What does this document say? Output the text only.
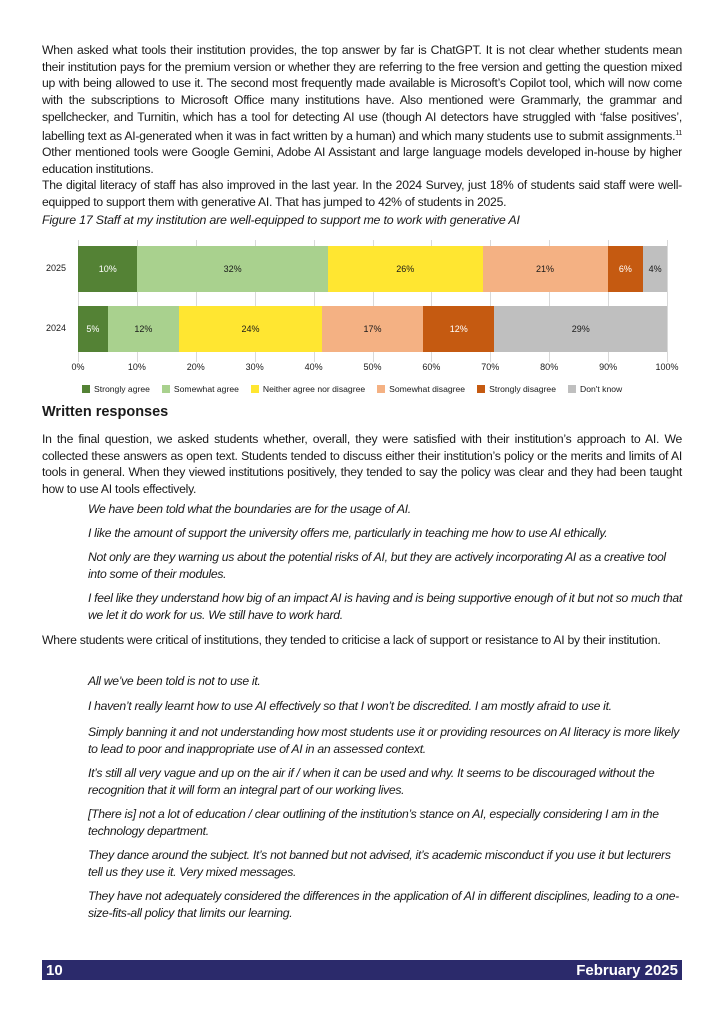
When asked what tools their institution provides, the top answer by far is ChatGPT. It is not clear whether students mean their institution pays for the premium version or whether they are referring to the free version and getting the question mixed up with being allowed to use it. The second most frequently made available is Microsoft’s Copilot tool, which will now come with the subscriptions to Microsoft Office many institutions have. Also mentioned were Grammarly, the grammar and spellchecker, and Turnitin, which has a tool for detecting AI use (though AI detectors have struggled with ‘false positives’, labelling text as AI-generated when it was in fact written by a human) and which many students use to submit assignments.$^{11}$ Other mentioned tools were Google Gemini, Adobe AI Assistant and large language models developed in-house by higher education institutions.

The digital literacy of staff has also improved in the last year. In the 2024 Survey, just 18% of students said staff were well-equipped to support them with generative AI. That has jumped to 42% of students in 2025.

Figure 17 Staff at my institution are well-equipped to support me to work with generative AI
0%	10%	20%	30%	40%	50%	60%	70%	80%	90%	100%
2025	10%	32%	26%	21%	6%	4%
2024	5%	12%	24%	17%	12%	29%
Strongly agree	Somewhat agree	Neither agree nor disagree	Somewhat disagree	Strongly disagree	Don't know
Written responses

In the final question, we asked students whether, overall, they were satisfied with their institution’s approach to AI. We collected these answers as open text. Students tended to discuss either their institution’s policy or the merits and limits of AI tools in general. When they viewed institutions positively, they tended to say the policy was clear and they had been taught how to use AI tools effectively.

Where students were critical of institutions, they tended to criticise a lack of support or resistance to AI by their institution.

10	February 2025

We have been told what the boundaries are for the usage of AI.

I like the amount of support the university offers me, particularly in teaching me how to use AI ethically.

Not only are they warning us about the potential risks of AI, but they are actively incorporating AI as a creative tool into some of their modules.

I feel like they understand how big of an impact AI is having and is being supportive enough of it but not so much that we let it do work for us. We still have to work hard.

All we’ve been told is not to use it.

I haven’t really learnt how to use AI effectively so that I won’t be discredited. I am mostly afraid to use it.

Simply banning it and not understanding how most students use it or providing resources on AI literacy is more likely to lead to poor and inappropriate use of AI in an assessed context.

It’s still all very vague and up on the air if / when it can be used and why. It seems to be discouraged without the recognition that it will form an integral part of our working lives.

[There is] not a lot of education / clear outlining of the institution’s stance on AI, especially considering I am in the technology department.

They dance around the subject. It’s not banned but not advised, it’s academic misconduct if you use it but lecturers tell us they use it. Very mixed messages.

They have not adequately considered the differences in the application of AI in different disciplines, leading to a one-size-fits-all policy that limits our learning.
